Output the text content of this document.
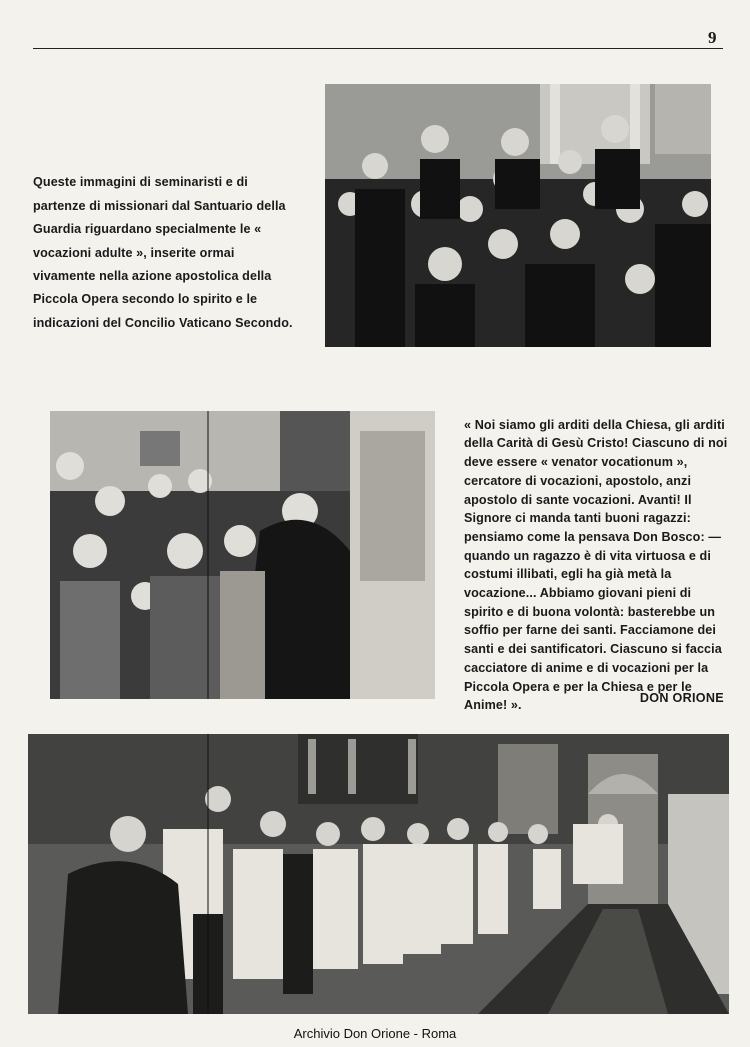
9

Queste immagini di seminaristi e di partenze di missionari dal Santuario della Guardia riguardano specialmente le « vocazioni adulte », inserite ormai vivamente nella azione apostolica della Piccola Opera secondo lo spirito e le indicazioni del Concilio Vaticano Secondo.

« Noi siamo gli arditi della Chiesa, gli arditi della Carità di Gesù Cristo! Ciascuno di noi deve essere « venator vocationum », cercatore di vocazioni, apostolo, anzi apostolo di sante vocazioni. Avanti! Il Signore ci manda tanti buoni ragazzi: pensiamo come la pensava Don Bosco: — quando un ragazzo è di vita virtuosa e di costumi illibati, egli ha già metà la vocazione... Abbiamo giovani pieni di spirito e di buona volontà: basterebbe un soffio per farne dei santi. Facciamone dei santi e dei santificatori. Ciascuno si faccia cacciatore di anime e di vocazioni per la Piccola Opera e per la Chiesa e per le Anime! ».

DON ORIONE
Archivio Don Orione - Roma
